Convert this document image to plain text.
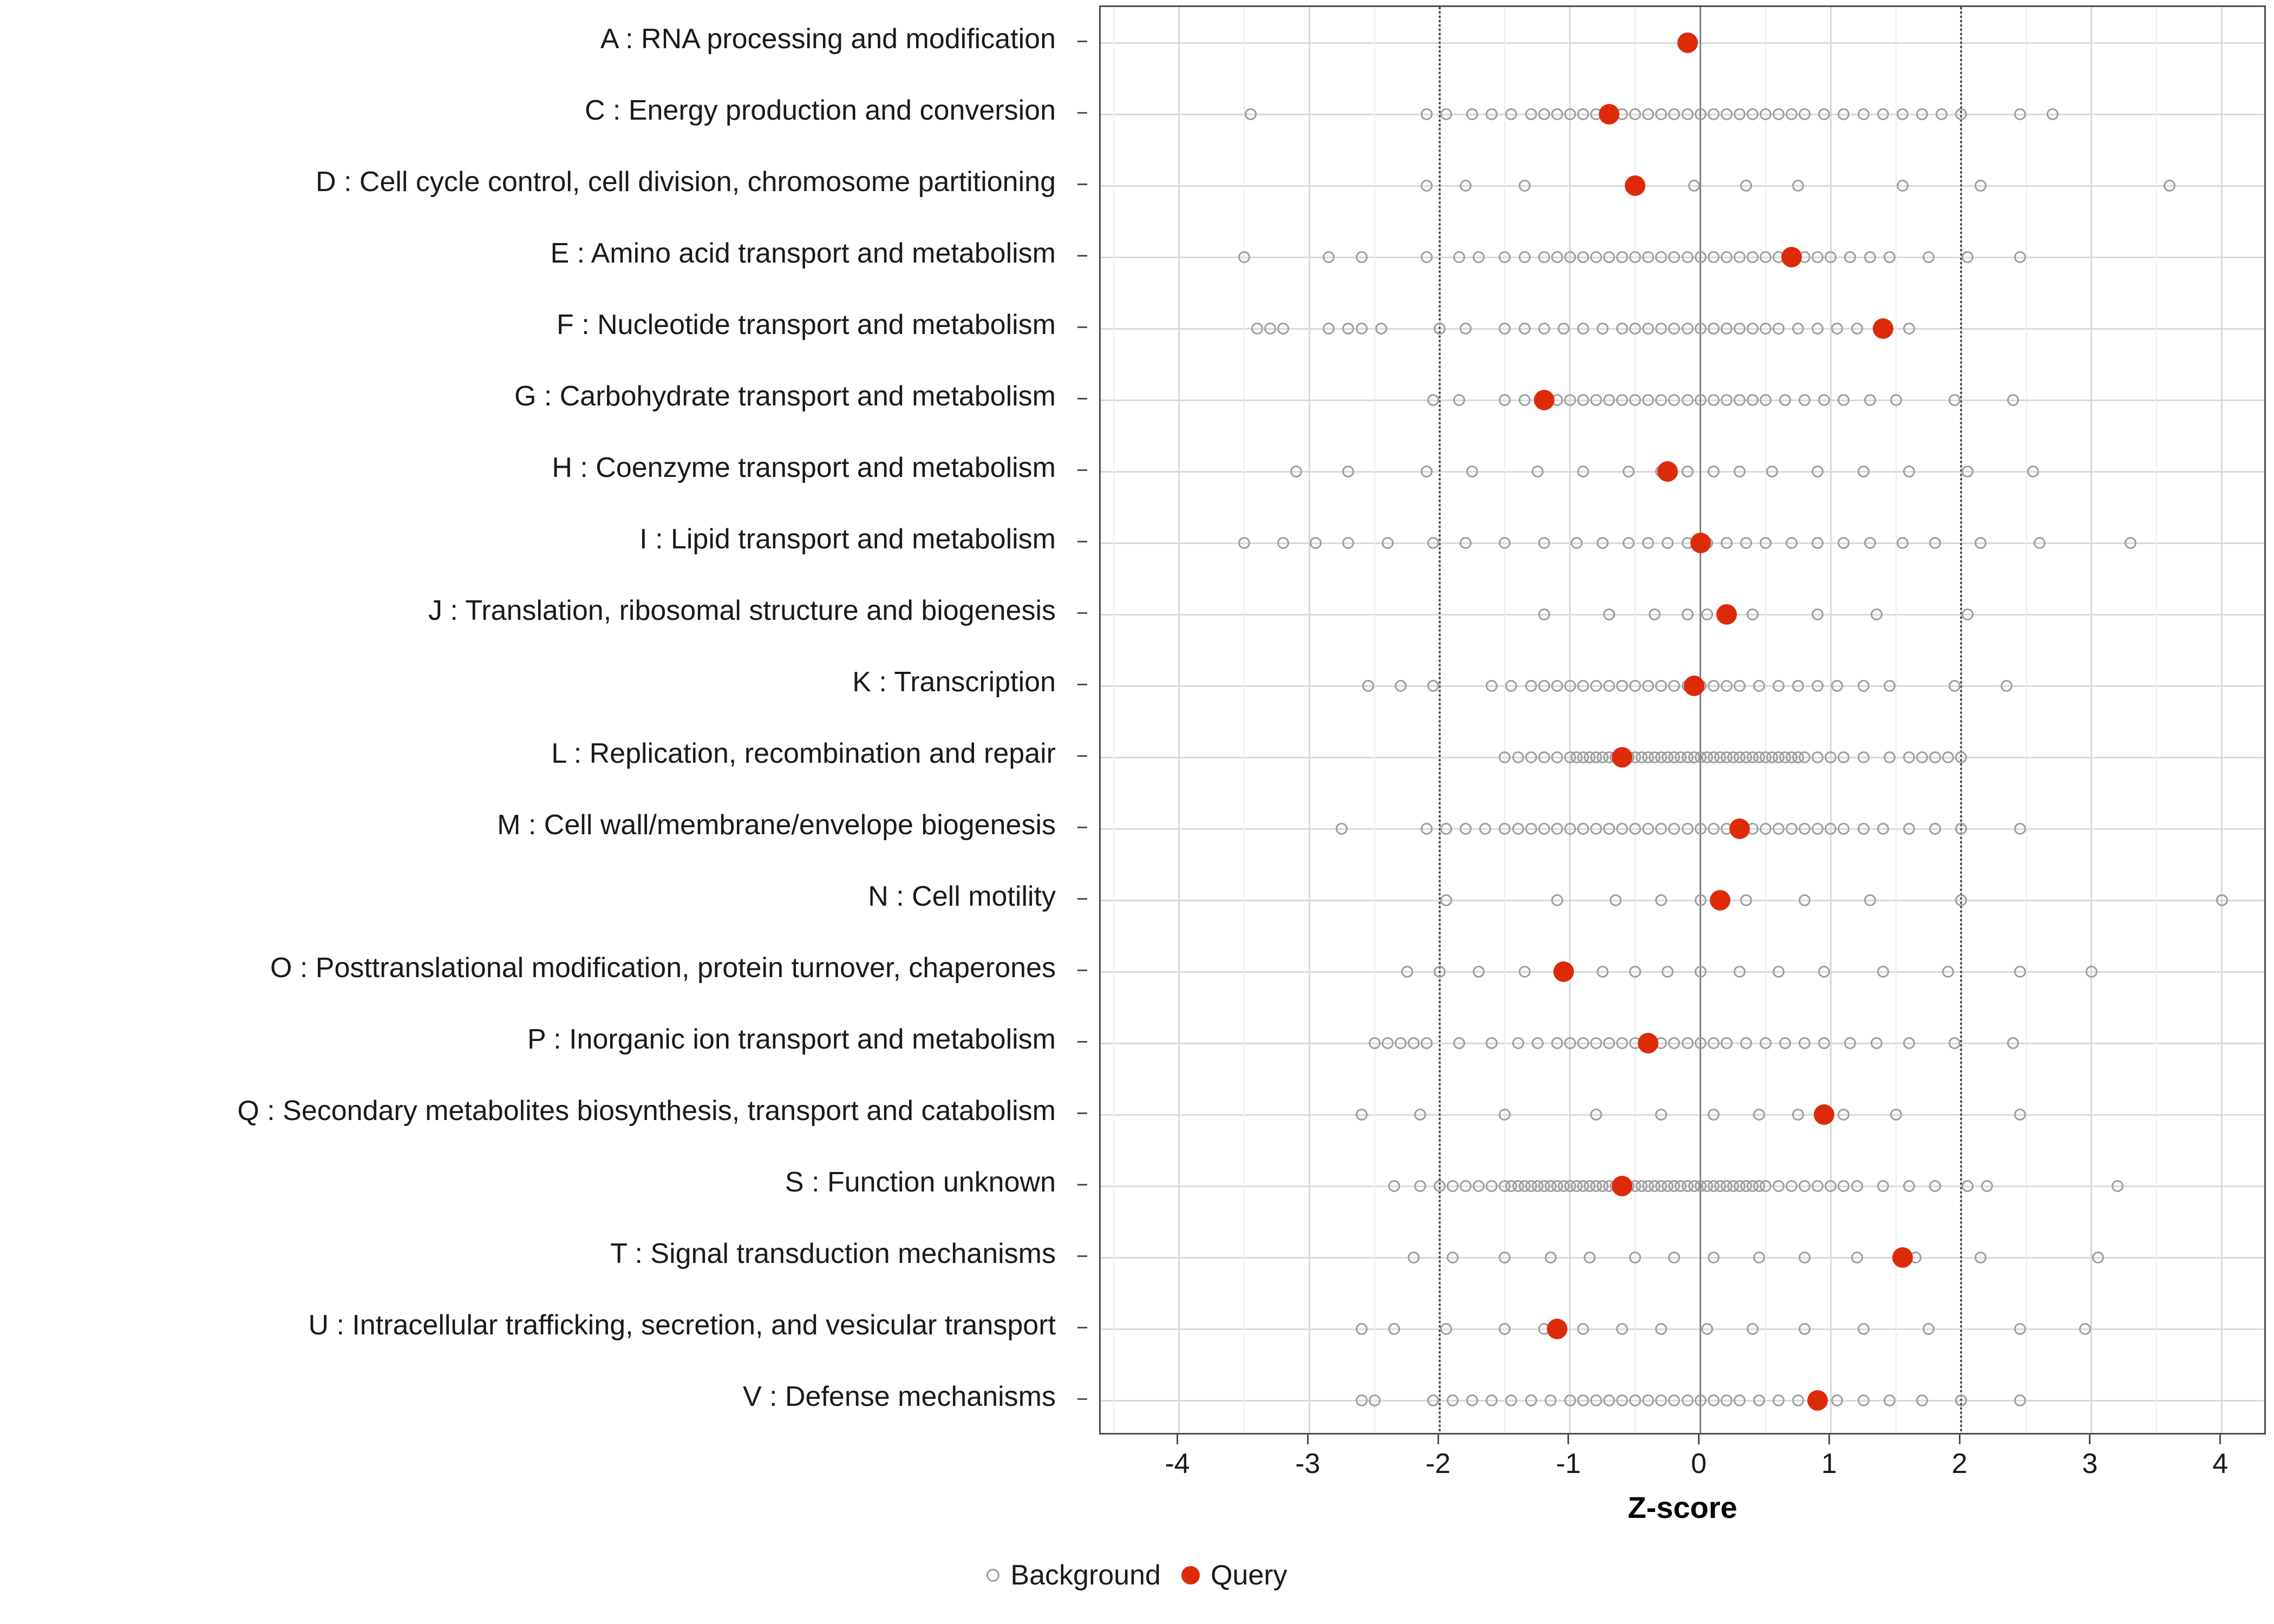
A : RNA processing and modification
C : Energy production and conversion
D : Cell cycle control, cell division, chromosome partitioning
E : Amino acid transport and metabolism
F : Nucleotide transport and metabolism
G : Carbohydrate transport and metabolism
H : Coenzyme transport and metabolism
I : Lipid transport and metabolism
J : Translation, ribosomal structure and biogenesis
K : Transcription
L : Replication, recombination and repair
M : Cell wall/membrane/envelope biogenesis
N : Cell motility
O : Posttranslational modification, protein turnover, chaperones
P : Inorganic ion transport and metabolism
Q : Secondary metabolites biosynthesis, transport and catabolism
S : Function unknown
T : Signal transduction mechanisms
U : Intracellular trafficking, secretion, and vesicular transport
V : Defense mechanisms
-4	-3	-2	-1	0	1	2	3	4
Z-score
Background Query
